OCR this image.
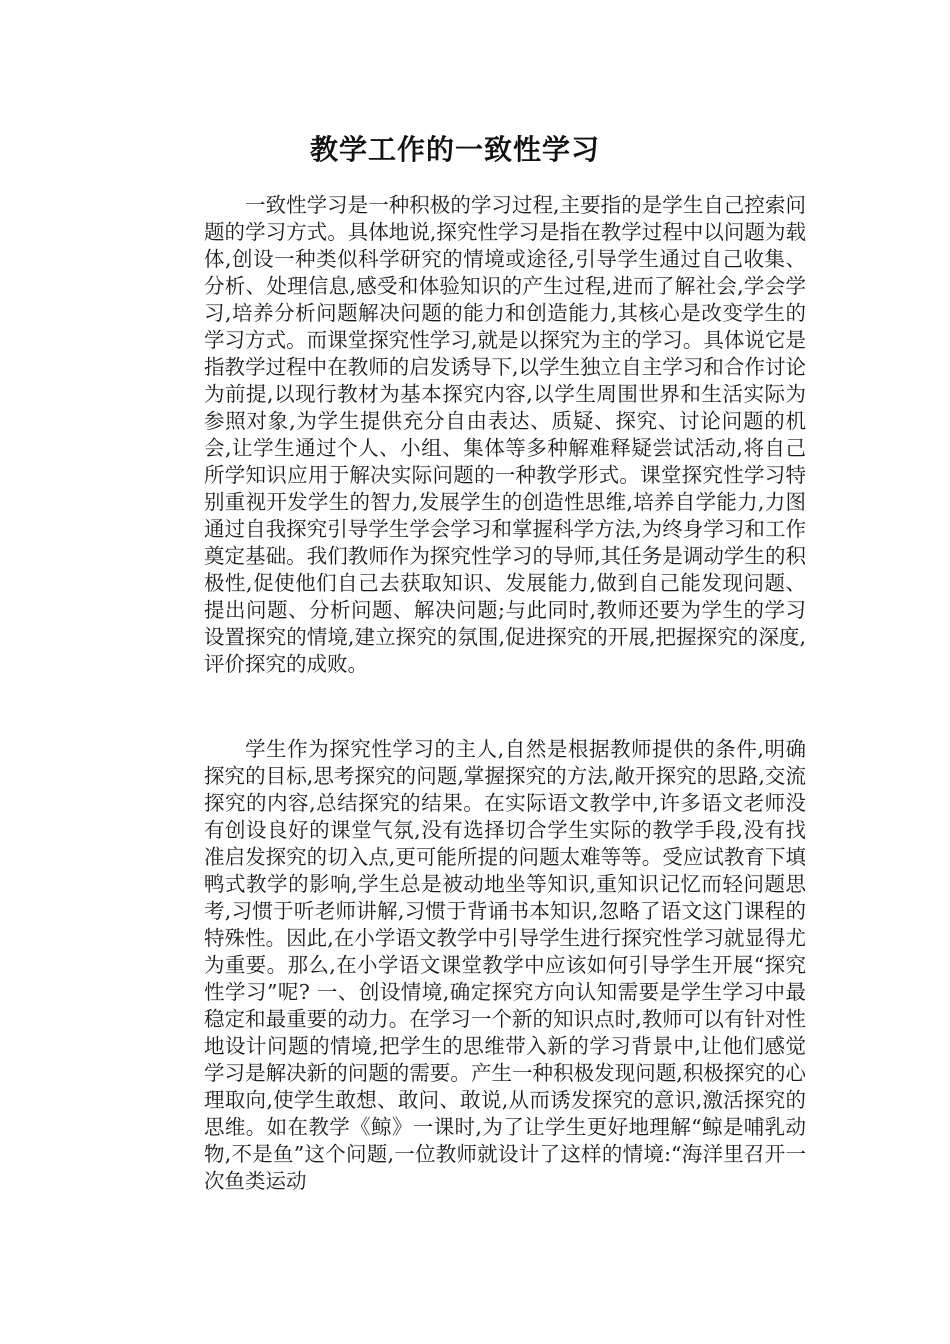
教学工作的一致性学习

一致性学习是一种积极的学习过程,主要指的是学生自己控索问题的学习方式。具体地说,探究性学习是指在教学过程中以问题为载体,创设一种类似科学研究的情境或途径,引导学生通过自己收集、分析、处理信息,感受和体验知识的产生过程,进而了解社会,学会学习,培养分析问题解决问题的能力和创造能力,其核心是改变学生的学习方式。而课堂探究性学习,就是以探究为主的学习。具体说它是指教学过程中在教师的启发诱导下,以学生独立自主学习和合作讨论为前提,以现行教材为基本探究内容,以学生周围世界和生活实际为参照对象,为学生提供充分自由表达、质疑、探究、讨论问题的机会,让学生通过个人、小组、集体等多种解难释疑尝试活动,将自己所学知识应用于解决实际问题的一种教学形式。课堂探究性学习特别重视开发学生的智力,发展学生的创造性思维,培养自学能力,力图通过自我探究引导学生学会学习和掌握科学方法,为终身学习和工作奠定基础。我们教师作为探究性学习的导师,其任务是调动学生的积极性,促使他们自己去获取知识、发展能力,做到自己能发现问题、提出问题、分析问题、解决问题;与此同时,教师还要为学生的学习设置探究的情境,建立探究的氛围,促进探究的开展,把握探究的深度,评价探究的成败。

学生作为探究性学习的主人,自然是根据教师提供的条件,明确探究的目标,思考探究的问题,掌握探究的方法,敞开探究的思路,交流探究的内容,总结探究的结果。在实际语文教学中,许多语文老师没有创设良好的课堂气氛,没有选择切合学生实际的教学手段,没有找准启发探究的切入点,更可能所提的问题太难等等。受应试教育下填鸭式教学的影响,学生总是被动地坐等知识,重知识记忆而轻问题思考,习惯于听老师讲解,习惯于背诵书本知识,忽略了语文这门课程的特殊性。因此,在小学语文教学中引导学生进行探究性学习就显得尤为重要。那么,在小学语文课堂教学中应该如何引导学生开展“探究性学习”呢? 一、创设情境,确定探究方向认知需要是学生学习中最稳定和最重要的动力。在学习一个新的知识点时,教师可以有针对性地设计问题的情境,把学生的思维带入新的学习背景中,让他们感觉学习是解决新的问题的需要。产生一种积极发现问题,积极探究的心理取向,使学生敢想、敢问、敢说,从而诱发探究的意识,激活探究的思维。如在教学《鲸》一课时,为了让学生更好地理解“鲸是哺乳动物,不是鱼”这个问题,一位教师就设计了这样的情境:“海洋里召开一次鱼类运动
